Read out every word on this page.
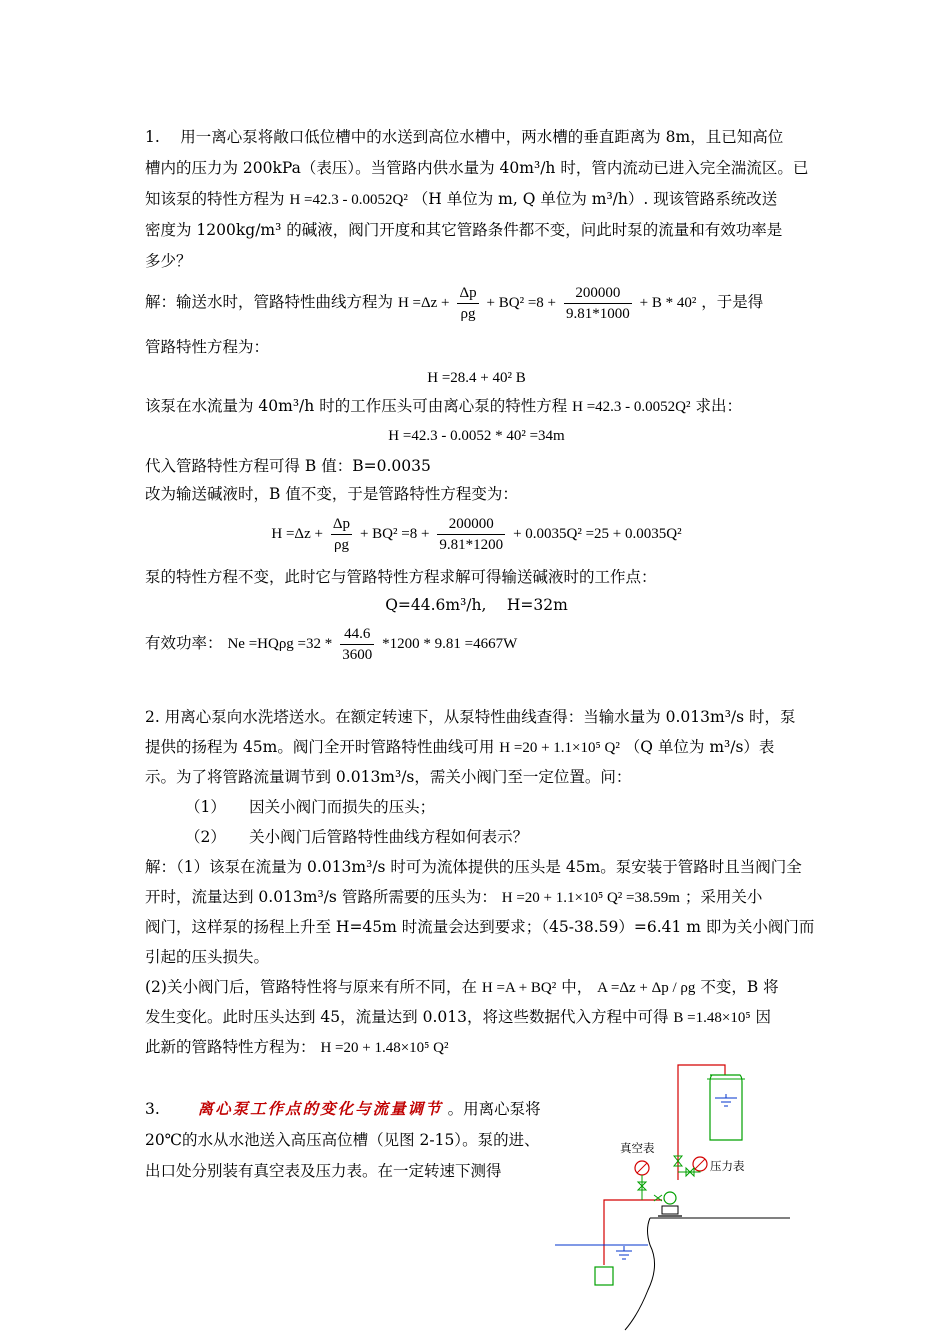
1.　 用一离心泵将敞口低位槽中的水送到高位水槽中，两水槽的垂直距离为 8m，且已知高位
槽内的压力为 200kPa（表压）。当管路内供水量为 40m³/h 时，管内流动已进入完全湍流区。已
知该泵的特性方程为 H =42.3 - 0.0052Q² （H 单位为 m, Q 单位为 m³/h）. 现该管路系统改送
密度为 1200kg/m³ 的碱液，阀门开度和其它管路条件都不变，问此时泵的流量和有效功率是
多少？
解：输送水时，管路特性曲线方程为 $H =\Delta z + \frac{\Delta p}{\rho g} + BQ^2 =8 + \frac{200000}{9.81*1000} + B * 40^2$ ，于是得
管路特性方程为：
H =28.4 + 40² B
该泵在水流量为 40m³/h 时的工作压头可由离心泵的特性方程 H =42.3 - 0.0052Q² 求出：
H =42.3 - 0.0052 * 40² =34m
代入管路特性方程可得 B 值：B=0.0035
改为输送碱液时，B 值不变，于是管路特性方程变为：
$H =\Delta z + \frac{\Delta p}{\rho g} + BQ^2 =8 + \frac{200000}{9.81*1200} + 0.0035Q^2 =25 + 0.0035Q^2$
泵的特性方程不变，此时它与管路特性方程求解可得输送碱液时的工作点：
Q=44.6m³/h,　 H=32m
有效功率： $Ne =HQ\rho g =32 * \frac{44.6}{3600} *1200 * 9.81 =4667W$
2. 用离心泵向水洗塔送水。在额定转速下，从泵特性曲线查得：当输水量为 0.013m³/s 时，泵
提供的扬程为 45m。阀门全开时管路特性曲线可用 H =20 + 1.1×10⁵ Q² （Q 单位为 m³/s）表
示。为了将管路流量调节到 0.013m³/s，需关小阀门至一定位置。问：
（1）　　因关小阀门而损失的压头；
（2）　　关小阀门后管路特性曲线方程如何表示？
解：（1）该泵在流量为 0.013m³/s 时可为流体提供的压头是 45m。泵安装于管路时且当阀门全
开时，流量达到 0.013m³/s 管路所需要的压头为： H =20 + 1.1×10⁵ Q² =38.59m ；采用关小
阀门，这样泵的扬程上升至 H=45m 时流量会达到要求；（45-38.59）=6.41 m 即为关小阀门而
引起的压头损失。
(2)关小阀门后，管路特性将与原来有所不同，在 H =A + BQ² 中， A =Δz + Δp / ρg 不变，B 将
发生变化。此时压头达到 45，流量达到 0.013，将这些数据代入方程中可得 B =1.48×10⁵ 因
此新的管路特性方程为： H =20 + 1.48×10⁵ Q²
3. 离心泵工作点的变化与流量调节 。用离心泵将
20℃的水从水池送入高压高位槽（见图 2-15）。泵的进、
出口处分别装有真空表及压力表。在一定转速下测得
真空表
压力表
